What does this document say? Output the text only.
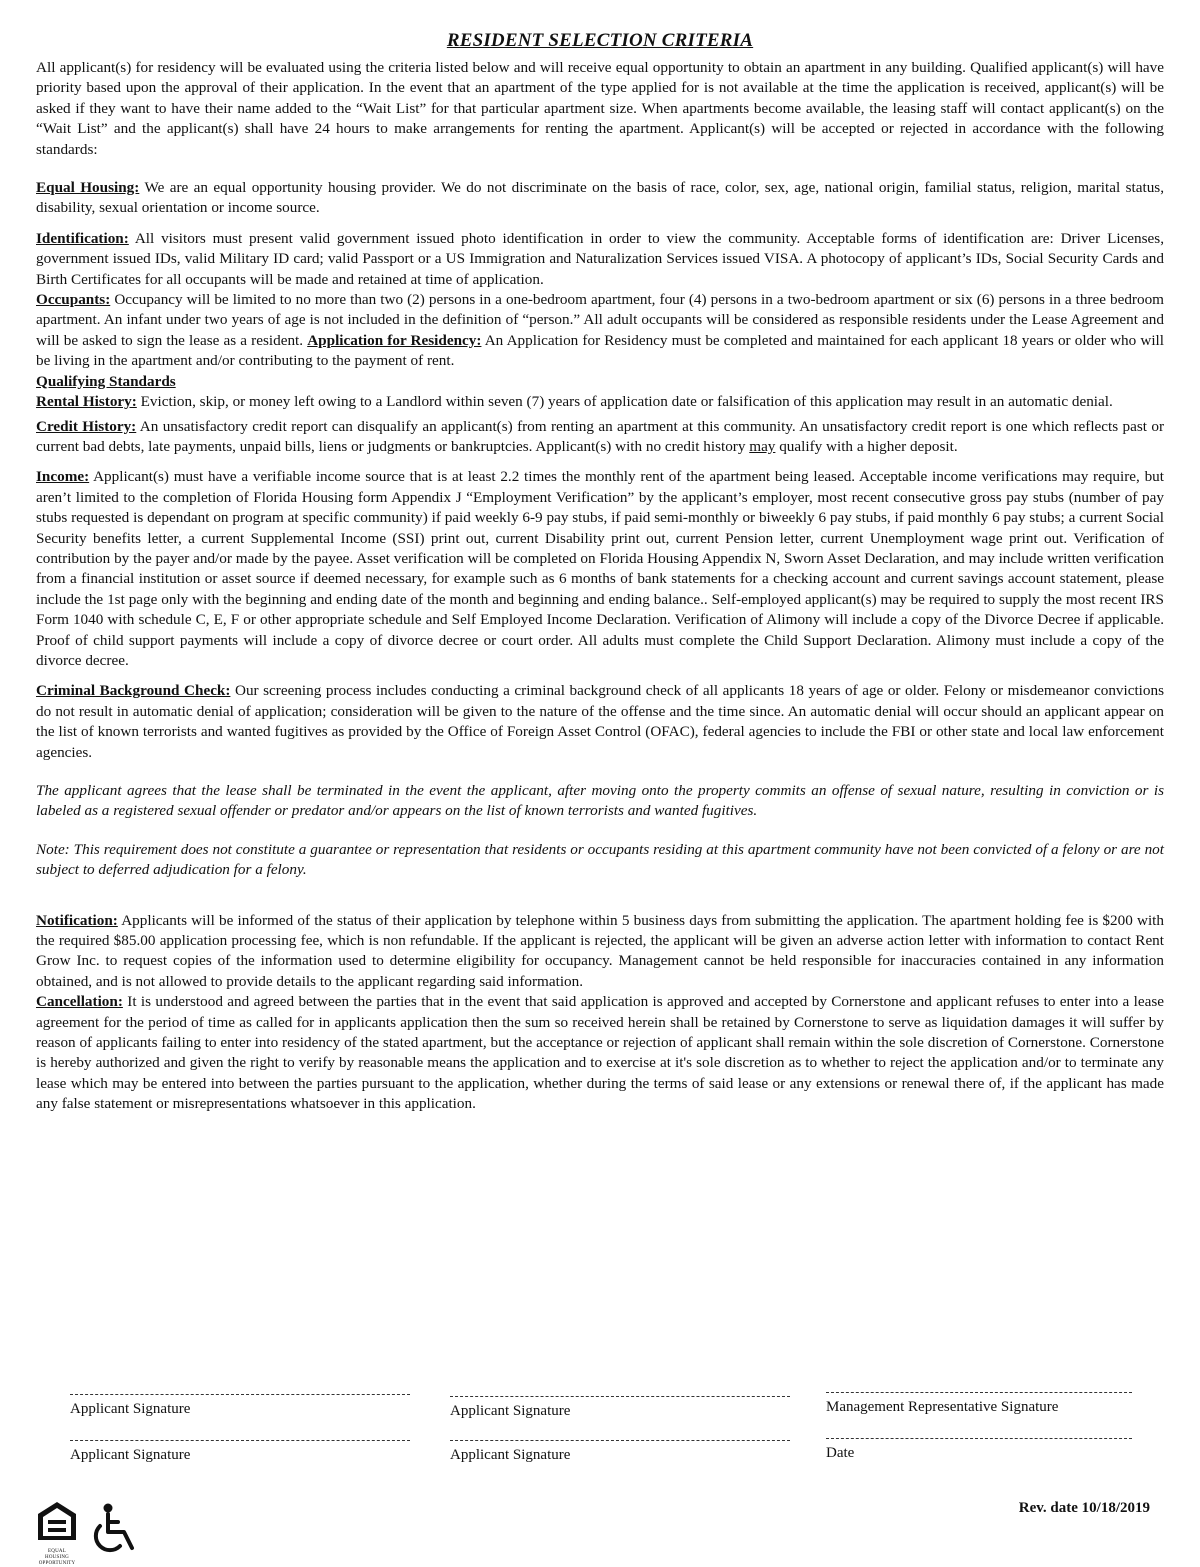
RESIDENT SELECTION CRITERIA

All applicant(s) for residency will be evaluated using the criteria listed below and will receive equal opportunity to obtain an apartment in any building. Qualified applicant(s) will have priority based upon the approval of their application. In the event that an apartment of the type applied for is not available at the time the application is received, applicant(s) will be asked if they want to have their name added to the “Wait List” for that particular apartment size. When apartments become available, the leasing staff will contact applicant(s) on the “Wait List” and the applicant(s) shall have 24 hours to make arrangements for renting the apartment. Applicant(s) will be accepted or rejected in accordance with the following standards:

Equal Housing: We are an equal opportunity housing provider. We do not discriminate on the basis of race, color, sex, age, national origin, familial status, religion, marital status, disability, sexual orientation or income source.

Identification: All visitors must present valid government issued photo identification in order to view the community. Acceptable forms of identification are: Driver Licenses, government issued IDs, valid Military ID card; valid Passport or a US Immigration and Naturalization Services issued VISA. A photocopy of applicant’s IDs, Social Security Cards and Birth Certificates for all occupants will be made and retained at time of application.

Occupants: Occupancy will be limited to no more than two (2) persons in a one-bedroom apartment, four (4) persons in a two-bedroom apartment or six (6) persons in a three bedroom apartment. An infant under two years of age is not included in the definition of “person.” All adult occupants will be considered as responsible residents under the Lease Agreement and will be asked to sign the lease as a resident. Application for Residency: An Application for Residency must be completed and maintained for each applicant 18 years or older who will be living in the apartment and/or contributing to the payment of rent.

Qualifying Standards

Rental History: Eviction, skip, or money left owing to a Landlord within seven (7) years of application date or falsification of this application may result in an automatic denial.

Credit History: An unsatisfactory credit report can disqualify an applicant(s) from renting an apartment at this community. An unsatisfactory credit report is one which reflects past or current bad debts, late payments, unpaid bills, liens or judgments or bankruptcies. Applicant(s) with no credit history may qualify with a higher deposit.

Income: Applicant(s) must have a verifiable income source that is at least 2.2 times the monthly rent of the apartment being leased. Acceptable income verifications may require, but aren’t limited to the completion of Florida Housing form Appendix J “Employment Verification” by the applicant’s employer, most recent consecutive gross pay stubs (number of pay stubs requested is dependant on program at specific community) if paid weekly 6-9 pay stubs, if paid semi-monthly or biweekly 6 pay stubs, if paid monthly 6 pay stubs; a current Social Security benefits letter, a current Supplemental Income (SSI) print out, current Disability print out, current Pension letter, current Unemployment wage print out. Verification of contribution by the payer and/or made by the payee. Asset verification will be completed on Florida Housing Appendix N, Sworn Asset Declaration, and may include written verification from a financial institution or asset source if deemed necessary, for example such as 6 months of bank statements for a checking account and current savings account statement, please include the 1st page only with the beginning and ending date of the month and beginning and ending balance.. Self-employed applicant(s) may be required to supply the most recent IRS Form 1040 with schedule C, E, F or other appropriate schedule and Self Employed Income Declaration. Verification of Alimony will include a copy of the Divorce Decree if applicable. Proof of child support payments will include a copy of divorce decree or court order. All adults must complete the Child Support Declaration. Alimony must include a copy of the divorce decree.

Criminal Background Check: Our screening process includes conducting a criminal background check of all applicants 18 years of age or older. Felony or misdemeanor convictions do not result in automatic denial of application; consideration will be given to the nature of the offense and the time since. An automatic denial will occur should an applicant appear on the list of known terrorists and wanted fugitives as provided by the Office of Foreign Asset Control (OFAC), federal agencies to include the FBI or other state and local law enforcement agencies.

The applicant agrees that the lease shall be terminated in the event the applicant, after moving onto the property commits an offense of sexual nature, resulting in conviction or is labeled as a registered sexual offender or predator and/or appears on the list of known terrorists and wanted fugitives.

Note: This requirement does not constitute a guarantee or representation that residents or occupants residing at this apartment community have not been convicted of a felony or are not subject to deferred adjudication for a felony.

Notification: Applicants will be informed of the status of their application by telephone within 5 business days from submitting the application. The apartment holding fee is $200 with the required $85.00 application processing fee, which is non refundable. If the applicant is rejected, the applicant will be given an adverse action letter with information to contact Rent Grow Inc. to request copies of the information used to determine eligibility for occupancy. Management cannot be held responsible for inaccuracies contained in any information obtained, and is not allowed to provide details to the applicant regarding said information.

Cancellation: It is understood and agreed between the parties that in the event that said application is approved and accepted by Cornerstone and applicant refuses to enter into a lease agreement for the period of time as called for in applicants application then the sum so received herein shall be retained by Cornerstone to serve as liquidation damages it will suffer by reason of applicants failing to enter into residency of the stated apartment, but the acceptance or rejection of applicant shall remain within the sole discretion of Cornerstone. Cornerstone is hereby authorized and given the right to verify by reasonable means the application and to exercise at it's sole discretion as to whether to reject the application and/or to terminate any lease which may be entered into between the parties pursuant to the application, whether during the terms of said lease or any extensions or renewal there of, if the applicant has made any false statement or misrepresentations whatsoever in this application.

Applicant Signature	Applicant Signature	Management Representative Signature
Applicant Signature	Applicant Signature	Date
EQUAL HOUSING OPPORTUNITY
Rev. date 10/18/2019
